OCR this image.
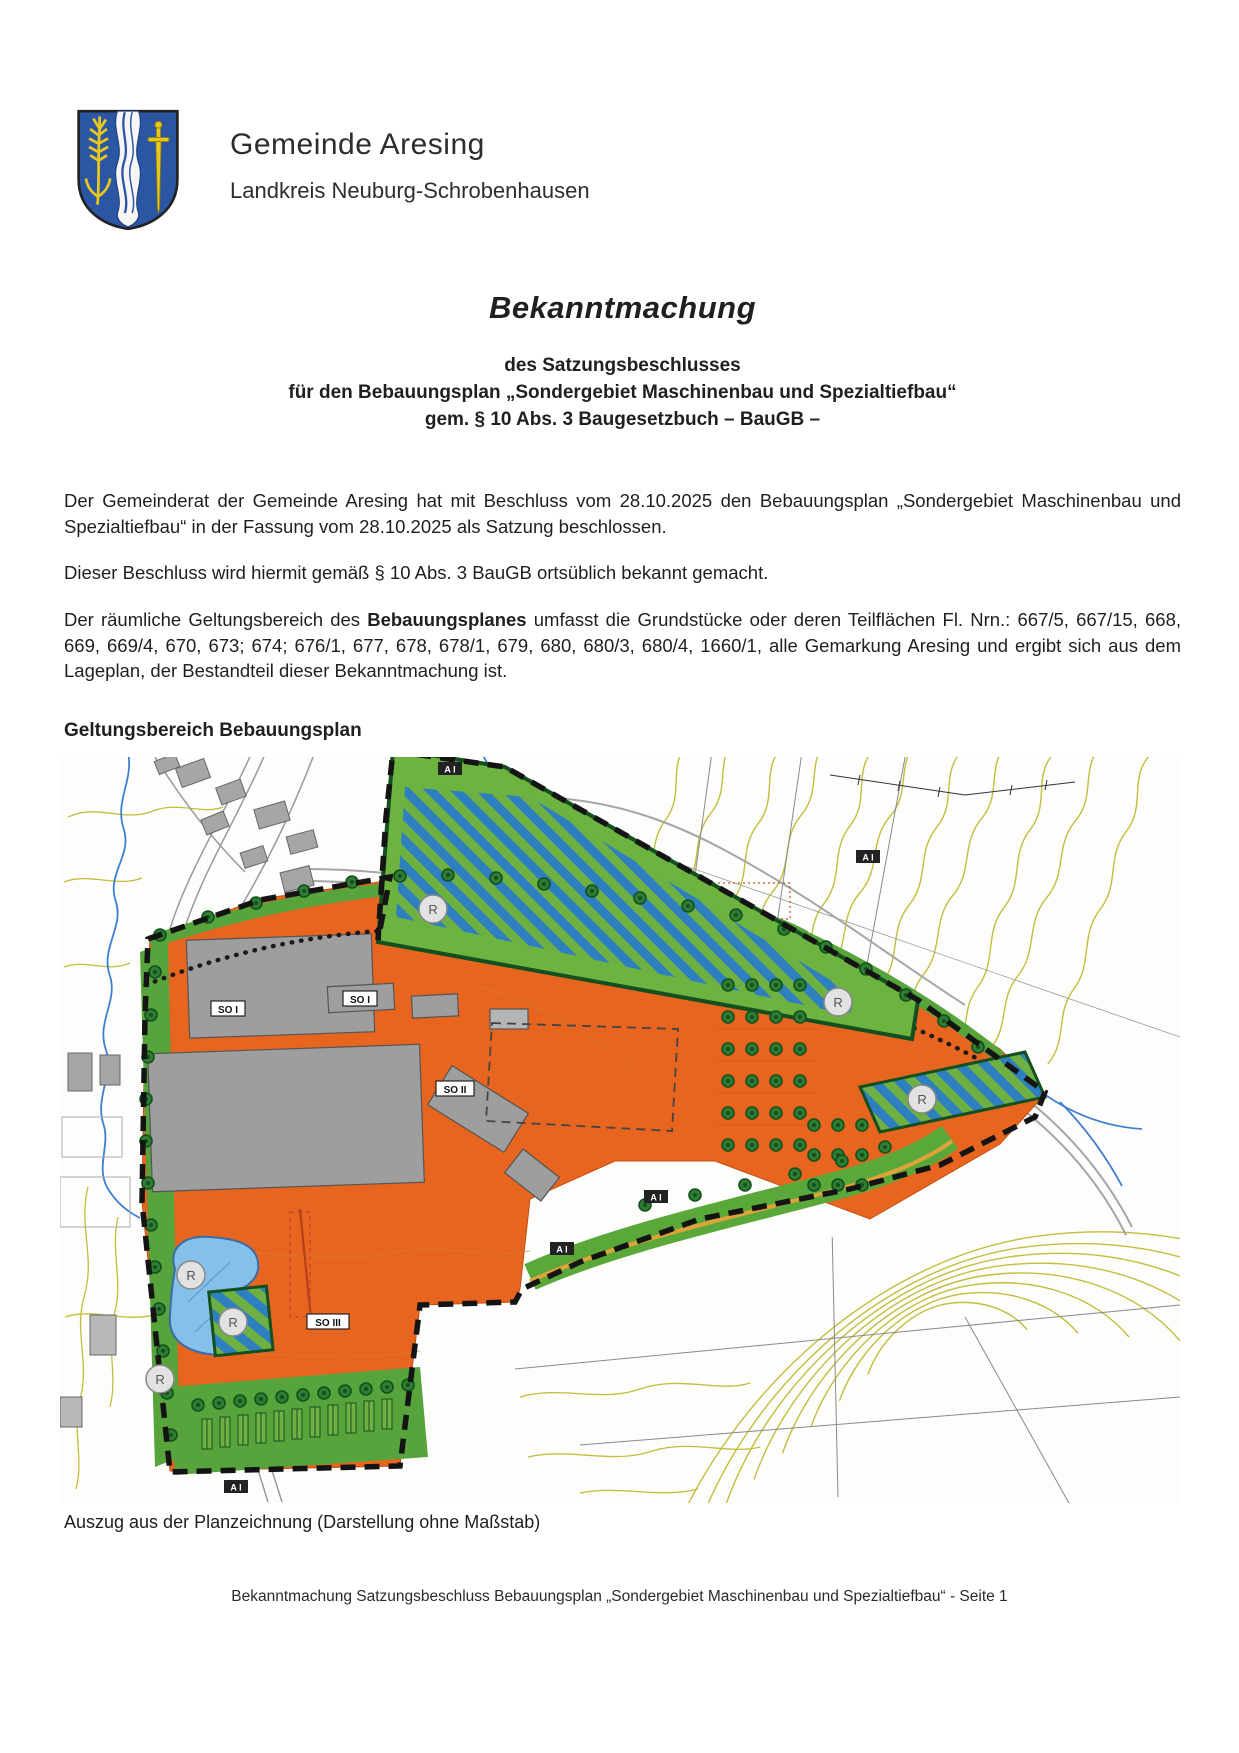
Gemeinde Aresing
Landkreis Neuburg-Schrobenhausen
Bekanntmachung
des Satzungsbeschlusses
für den Bebauungsplan „Sondergebiet Maschinenbau und Spezialtiefbau“
gem. § 10 Abs. 3 Baugesetzbuch – BauGB –
Der Gemeinderat der Gemeinde Aresing hat mit Beschluss vom 28.10.2025 den Bebauungsplan „Sondergebiet Maschinenbau und Spezialtiefbau“ in der Fassung vom 28.10.2025 als Satzung beschlossen.
Dieser Beschluss wird hiermit gemäß § 10 Abs. 3 BauGB ortsüblich bekannt gemacht.
Der räumliche Geltungsbereich des Bebauungsplanes umfasst die Grundstücke oder deren Teilflächen Fl. Nrn.: 667/5, 667/15, 668, 669, 669/4, 670, 673; 674; 676/1, 677, 678, 678/1, 679, 680, 680/3, 680/4, 1660/1, alle Gemarkung Aresing und ergibt sich aus dem Lageplan, der Bestandteil dieser Bekanntmachung ist.
Geltungsbereich Bebauungsplan
SO I
SO I
SO II
SO III
A I
A I
A I
A I
A I
R
R
R
R
R
R
Auszug aus der Planzeichnung (Darstellung ohne Maßstab)
Bekanntmachung Satzungsbeschluss Bebauungsplan „Sondergebiet Maschinenbau und Spezialtiefbau“ - Seite 1
